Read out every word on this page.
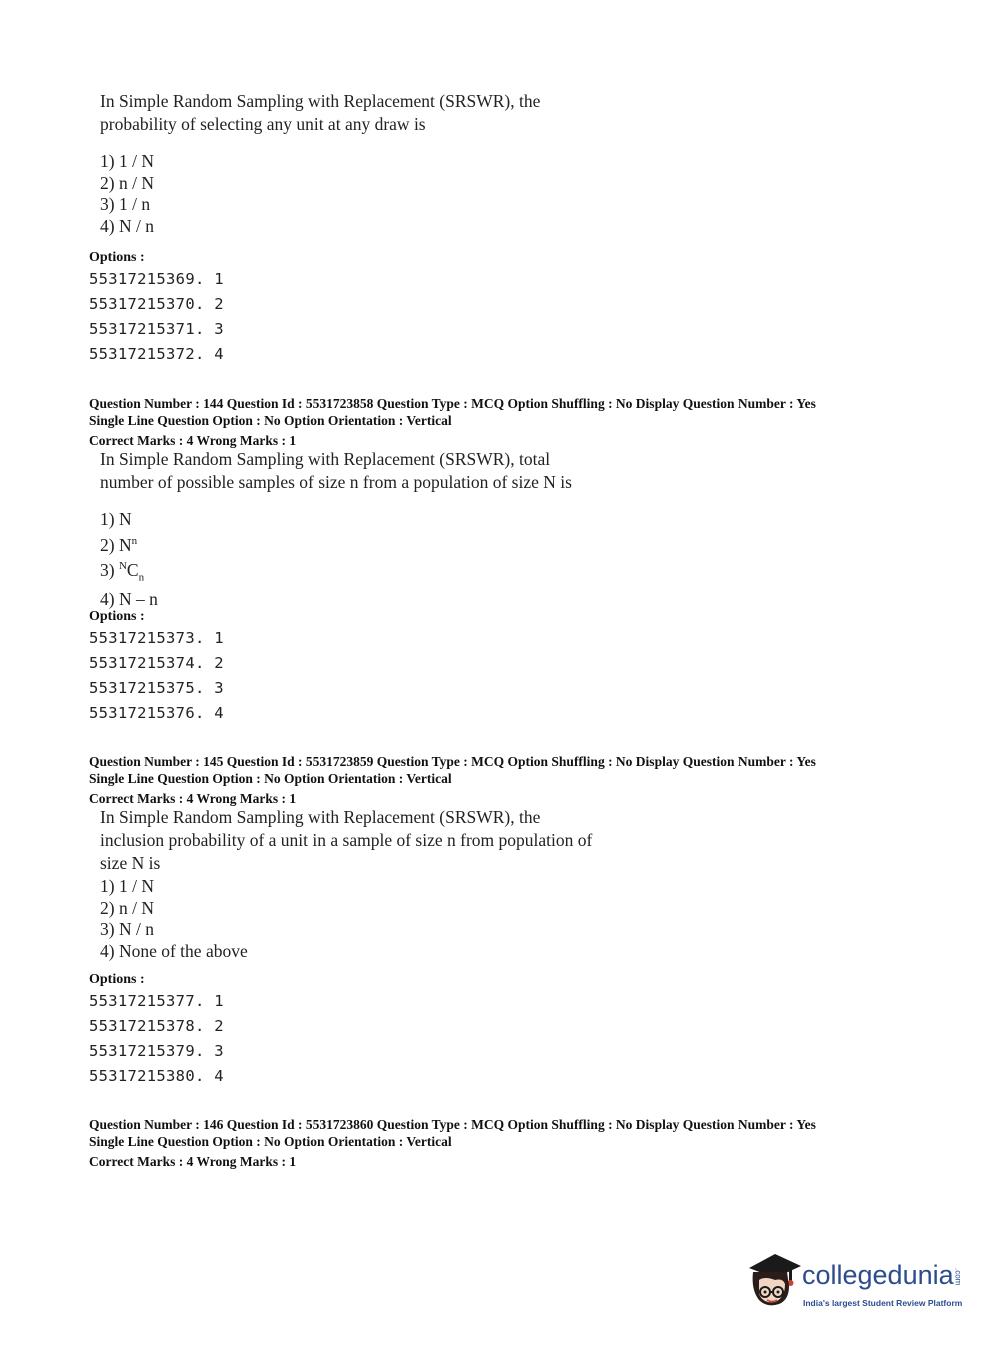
In Simple Random Sampling with Replacement (SRSWR), the
probability of selecting any unit at any draw is
1) 1 / N
2) n / N
3) 1 / n
4) N / n
Options :
55317215369. 1
55317215370. 2
55317215371. 3
55317215372. 4
Question Number : 144 Question Id : 5531723858 Question Type : MCQ Option Shuffling : No Display Question Number : Yes
Single Line Question Option : No Option Orientation : Vertical
Correct Marks : 4 Wrong Marks : 1
In Simple Random Sampling with Replacement (SRSWR), total
number of possible samples of size n from a population of size N is
1) N
2) $N^n$
3) $^NC_n$
4) N – n
Options :
55317215373. 1
55317215374. 2
55317215375. 3
55317215376. 4
Question Number : 145 Question Id : 5531723859 Question Type : MCQ Option Shuffling : No Display Question Number : Yes
Single Line Question Option : No Option Orientation : Vertical
Correct Marks : 4 Wrong Marks : 1
In Simple Random Sampling with Replacement (SRSWR), the
inclusion probability of a unit in a sample of size n from population of
size N is
1) 1 / N
2) n / N
3) N / n
4) None of the above
Options :
55317215377. 1
55317215378. 2
55317215379. 3
55317215380. 4
Question Number : 146 Question Id : 5531723860 Question Type : MCQ Option Shuffling : No Display Question Number : Yes
Single Line Question Option : No Option Orientation : Vertical
Correct Marks : 4 Wrong Marks : 1
collegedunia.com
India's largest Student Review Platform
